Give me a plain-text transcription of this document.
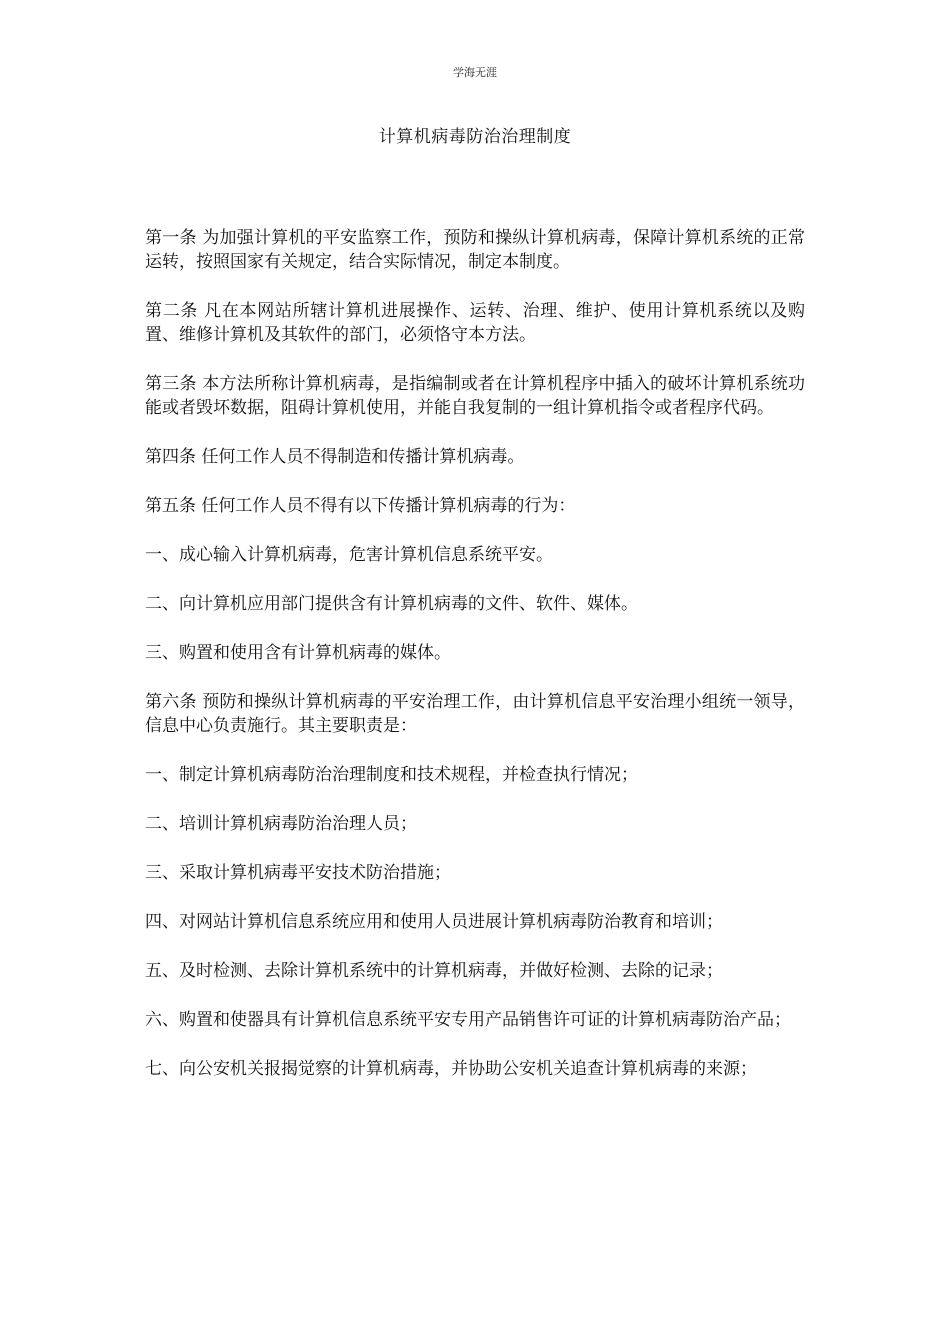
学海无涯
计算机病毒防治治理制度

第一条 为加强计算机的平安监察工作，预防和操纵计算机病毒，保障计算机系统的正常运转，按照国家有关规定，结合实际情况，制定本制度。

第二条 凡在本网站所辖计算机进展操作、运转、治理、维护、使用计算机系统以及购置、维修计算机及其软件的部门，必须恪守本方法。

第三条 本方法所称计算机病毒，是指编制或者在计算机程序中插入的破坏计算机系统功能或者毁坏数据，阻碍计算机使用，并能自我复制的一组计算机指令或者程序代码。

第四条 任何工作人员不得制造和传播计算机病毒。

第五条 任何工作人员不得有以下传播计算机病毒的行为：

一、成心输入计算机病毒，危害计算机信息系统平安。

二、向计算机应用部门提供含有计算机病毒的文件、软件、媒体。

三、购置和使用含有计算机病毒的媒体。

第六条 预防和操纵计算机病毒的平安治理工作，由计算机信息平安治理小组统一领导，信息中心负责施行。其主要职责是：

一、制定计算机病毒防治治理制度和技术规程，并检查执行情况；

二、培训计算机病毒防治治理人员；

三、采取计算机病毒平安技术防治措施；

四、对网站计算机信息系统应用和使用人员进展计算机病毒防治教育和培训；

五、及时检测、去除计算机系统中的计算机病毒，并做好检测、去除的记录；

六、购置和使器具有计算机信息系统平安专用产品销售许可证的计算机病毒防治产品；

七、向公安机关报揭觉察的计算机病毒，并协助公安机关追查计算机病毒的来源；
